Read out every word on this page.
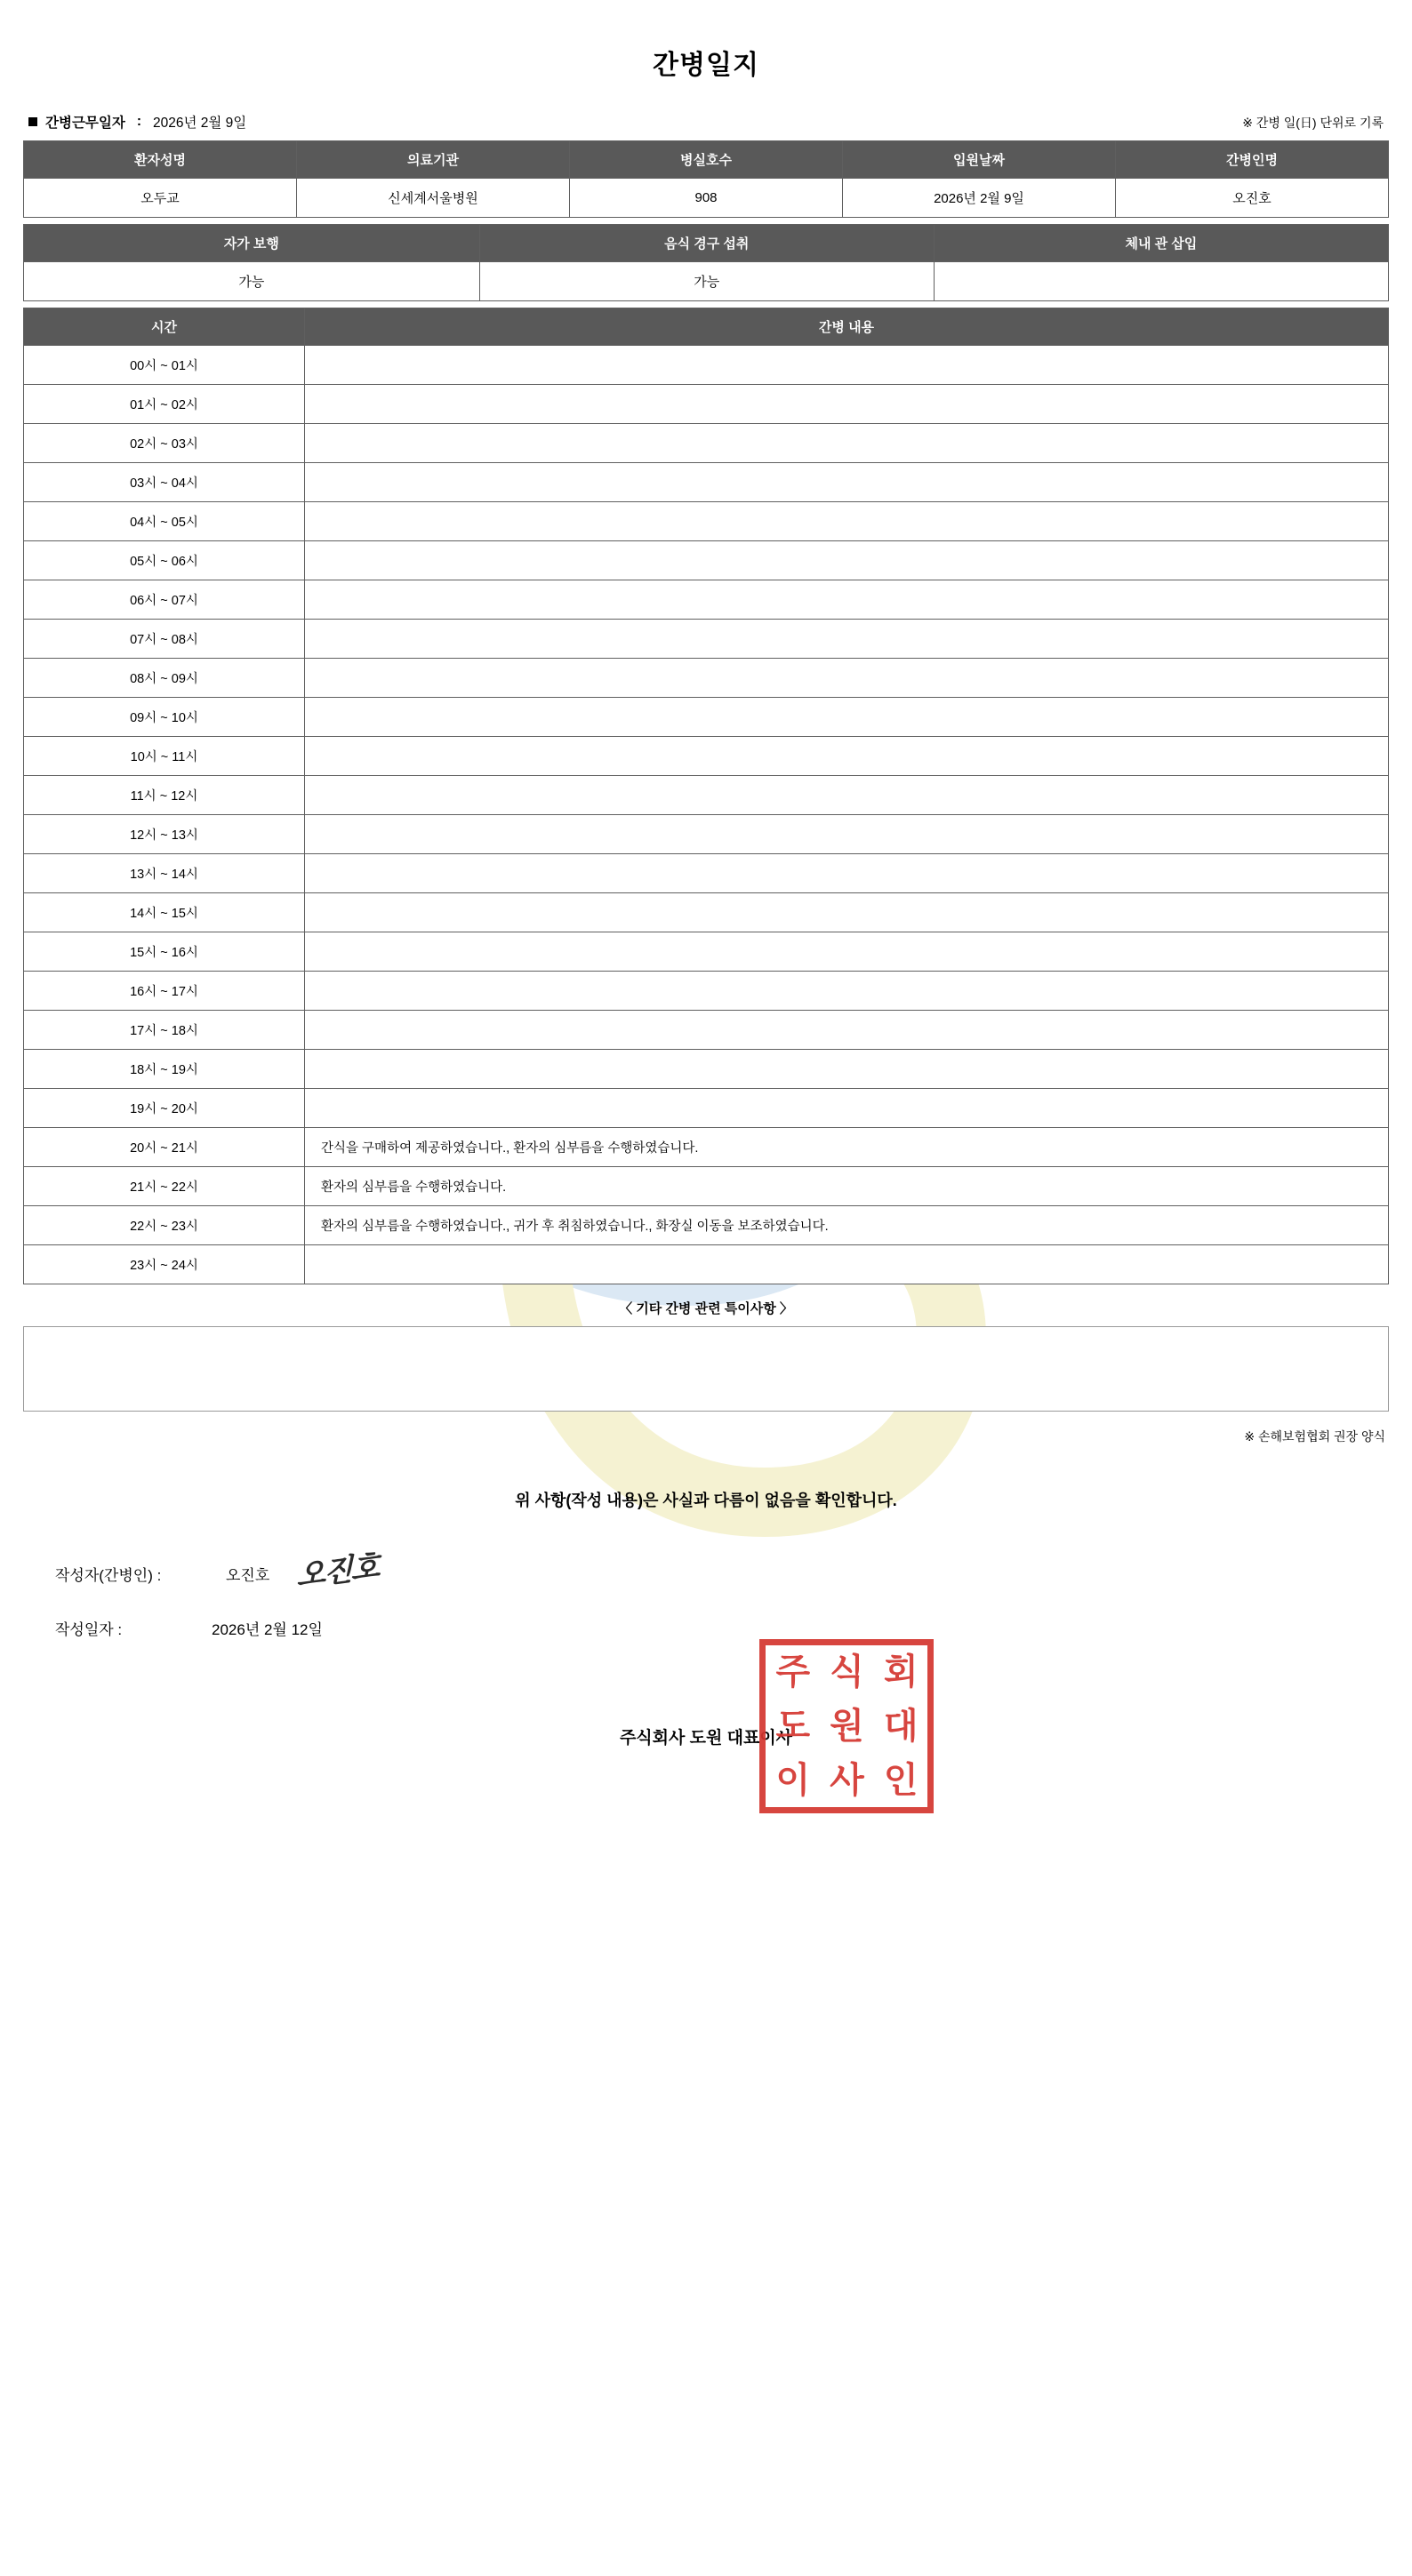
간병일지
간병근무일자 : 2026년 2월 9일	※ 간병 일(日) 단위로 기록
환자성명	의료기관	병실호수	입원날짜	간병인명
오두교	신세계서울병원	908	2026년 2월 9일	오진호
자가 보행	음식 경구 섭취	체내 관 삽입
가능	가능	
시간	간병 내용
00시 ~ 01시	
01시 ~ 02시	
02시 ~ 03시	
03시 ~ 04시	
04시 ~ 05시	
05시 ~ 06시	
06시 ~ 07시	
07시 ~ 08시	
08시 ~ 09시	
09시 ~ 10시	
10시 ~ 11시	
11시 ~ 12시	
12시 ~ 13시	
13시 ~ 14시	
14시 ~ 15시	
15시 ~ 16시	
16시 ~ 17시	
17시 ~ 18시	
18시 ~ 19시	
19시 ~ 20시	
20시 ~ 21시	간식을 구매하여 제공하였습니다., 환자의 심부름을 수행하였습니다.
21시 ~ 22시	환자의 심부름을 수행하였습니다.
22시 ~ 23시	환자의 심부름을 수행하였습니다., 귀가 후 취침하였습니다., 화장실 이동을 보조하였습니다.
23시 ~ 24시	
〈 기타 간병 관련 특이사항 〉
※ 손해보험협회 권장 양식
위 사항(작성 내용)은 사실과 다름이 없음을 확인합니다.
작성자(간병인) :	오진호 오진호
작성일자 :	2026년 2월 12일
주식회사 도원 대표이사
주 식 회
도 원 대
이 사 인
